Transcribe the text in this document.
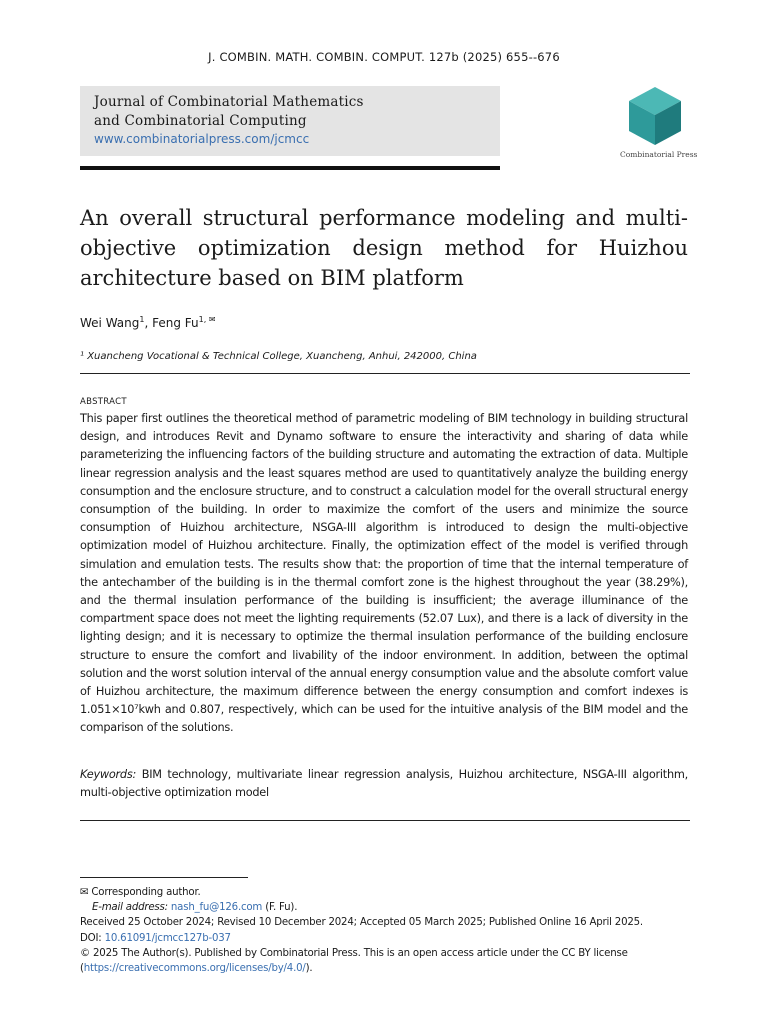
J. COMBIN. MATH. COMBIN. COMPUT. 127b (2025) 655--676
Journal of Combinatorial Mathematics
and Combinatorial Computing
www.combinatorialpress.com/jcmcc
Combinatorial Press
An overall structural performance modeling and multi-objective optimization design method for Huizhou architecture based on BIM platform
Wei Wang$^1$, Feng $Fu^{1, ✉}$
¹ Xuancheng Vocational & Technical College, Xuancheng, Anhui, 242000, China
ABSTRACT

This paper first outlines the theoretical method of parametric modeling of BIM technology in building structural design, and introduces Revit and Dynamo software to ensure the interactivity and sharing of data while parameterizing the influencing factors of the building structure and automating the extraction of data. Multiple linear regression analysis and the least squares method are used to quantitatively analyze the building energy consumption and the enclosure structure, and to construct a calculation model for the overall structural energy consumption of the building. In order to maximize the comfort of the users and minimize the source consumption of Huizhou architecture, NSGA-III algorithm is introduced to design the multi-objective optimization model of Huizhou architecture. Finally, the optimization effect of the model is verified through simulation and emulation tests. The results show that: the proportion of time that the internal temperature of the antechamber of the building is in the thermal comfort zone is the highest throughout the year (38.29%), and the thermal insulation performance of the building is insufficient; the average illuminance of the compartment space does not meet the lighting requirements (52.07 Lux), and there is a lack of diversity in the lighting design; and it is necessary to optimize the thermal insulation performance of the building enclosure structure to ensure the comfort and livability of the indoor environment. In addition, between the optimal solution and the worst solution interval of the annual energy consumption value and the absolute comfort value of Huizhou architecture, the maximum difference between the energy consumption and comfort indexes is 1.051×10⁷kwh and 0.807, respectively, which can be used for the intuitive analysis of the BIM model and the comparison of the solutions.

Keywords: BIM technology, multivariate linear regression analysis, Huizhou architecture, NSGA-III algorithm, multi-objective optimization model

✉ Corresponding author.
E-mail address: nash_fu@126.com (F. Fu).
Received 25 October 2024; Revised 10 December 2024; Accepted 05 March 2025; Published Online 16 April 2025.
DOI: 10.61091/jcmcc127b-037
© 2025 The Author(s). Published by Combinatorial Press. This is an open access article under the CC BY license
(https://creativecommons.org/licenses/by/4.0/).
